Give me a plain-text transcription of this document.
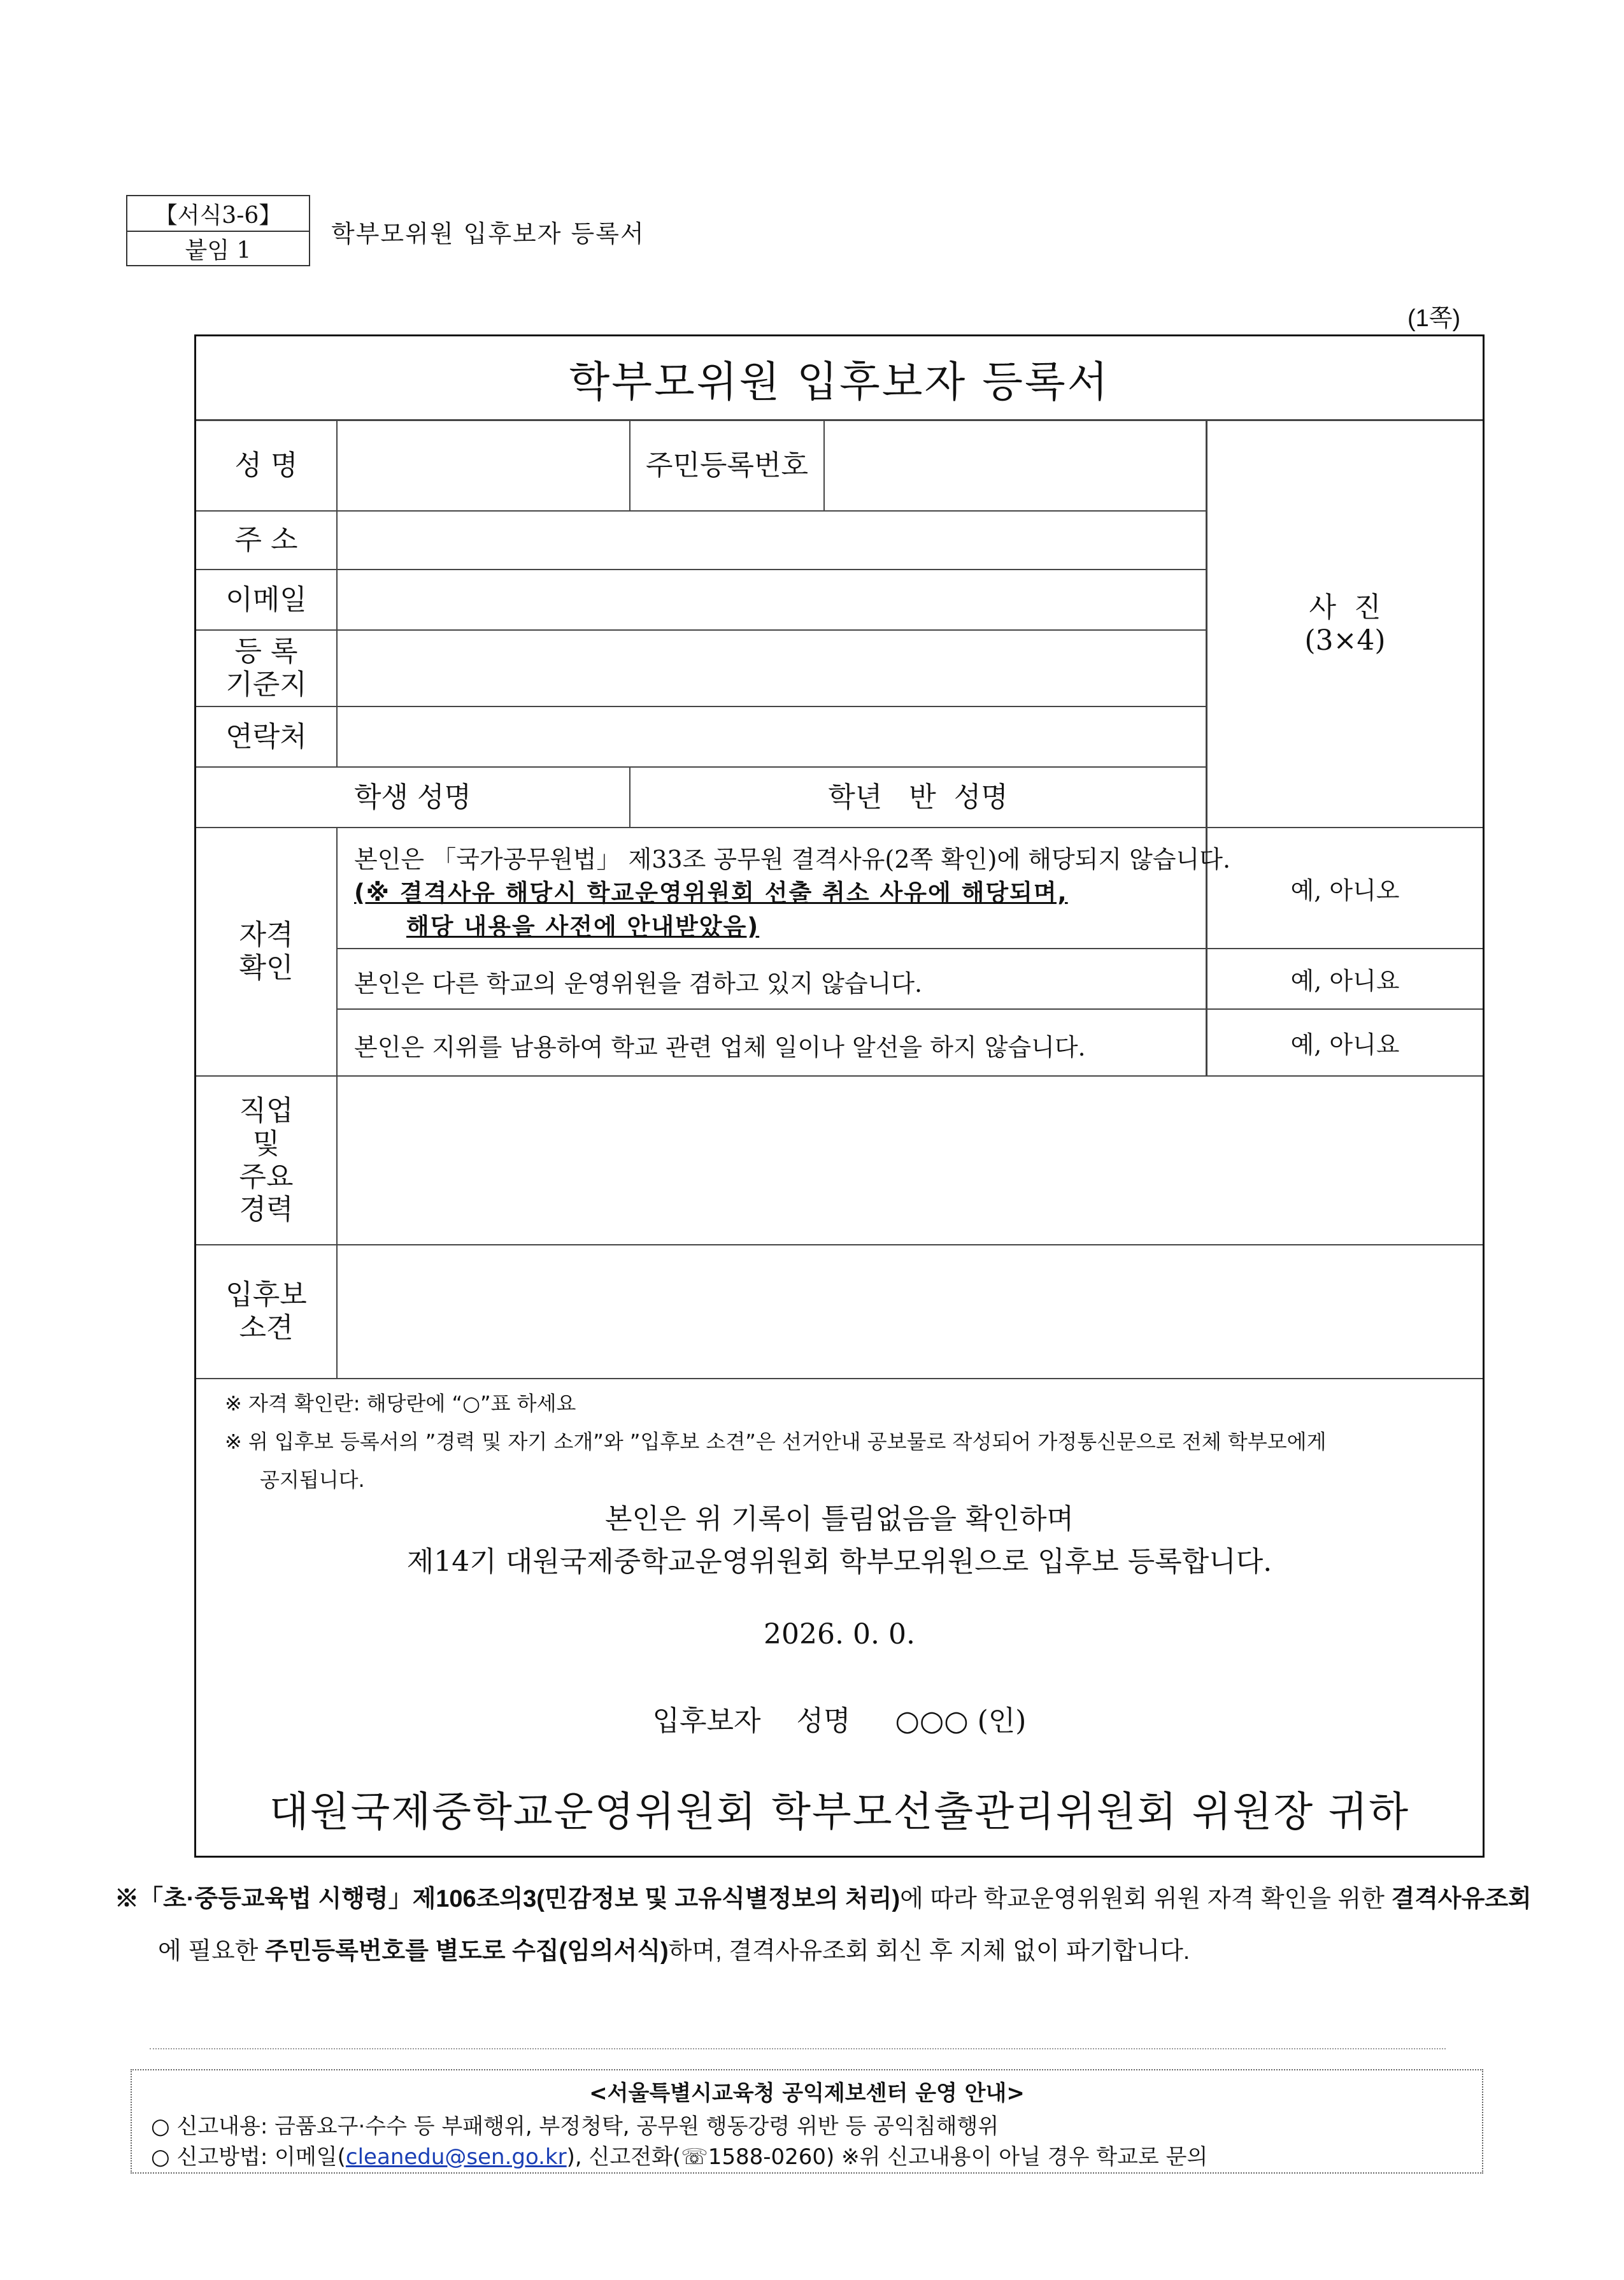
【서식3-6】
붙임 1
학부모위원 입후보자 등록서
(1쪽)
학부모위원 입후보자 등록서
성 명	주민등록번호
주 소
이메일
등 록
기준지
연락처
학생 성명	학년   반  성명
사  진
(3×4)
자격
확인
본인은 「국가공무원법」 제33조 공무원 결격사유(2쪽 확인)에 해당되지 않습니다.
(※ 결격사유 해당시 학교운영위원회 선출 취소 사유에 해당되며,
해당 내용을 사전에 안내받았음)
예, 아니오
본인은 다른 학교의 운영위원을 겸하고 있지 않습니다.	예, 아니요
본인은 지위를 남용하여 학교 관련 업체 일이나 알선을 하지 않습니다.	예, 아니요
직업
및
주요
경력
입후보
소견
※ 자격 확인란: 해당란에 “○”표 하세요
※ 위 입후보 등록서의 ”경력 및 자기 소개”와 ”입후보 소견”은 선거안내 공보물로 작성되어 가정통신문으로 전체 학부모에게
공지됩니다.
본인은 위 기록이 틀림없음을 확인하며
제14기 대원국제중학교운영위원회 학부모위원으로 입후보 등록합니다.
2026. 0. 0.
입후보자    성명     ○○○ (인)
대원국제중학교운영위원회 학부모선출관리위원회 위원장 귀하
※「초·중등교육법 시행령」제106조의3(민감정보 및 고유식별정보의 처리)에 따라 학교운영위원회 위원 자격 확인을 위한 결격사유조회
에 필요한 주민등록번호를 별도로 수집(임의서식)하며, 결격사유조회 회신 후 지체 없이 파기합니다.
<서울특별시교육청 공익제보센터 운영 안내>
○ 신고내용: 금품요구·수수 등 부패행위, 부정청탁, 공무원 행동강령 위반 등 공익침해행위
○ 신고방법: 이메일(cleanedu@sen.go.kr), 신고전화(☏1588-0260) ※위 신고내용이 아닐 경우 학교로 문의
